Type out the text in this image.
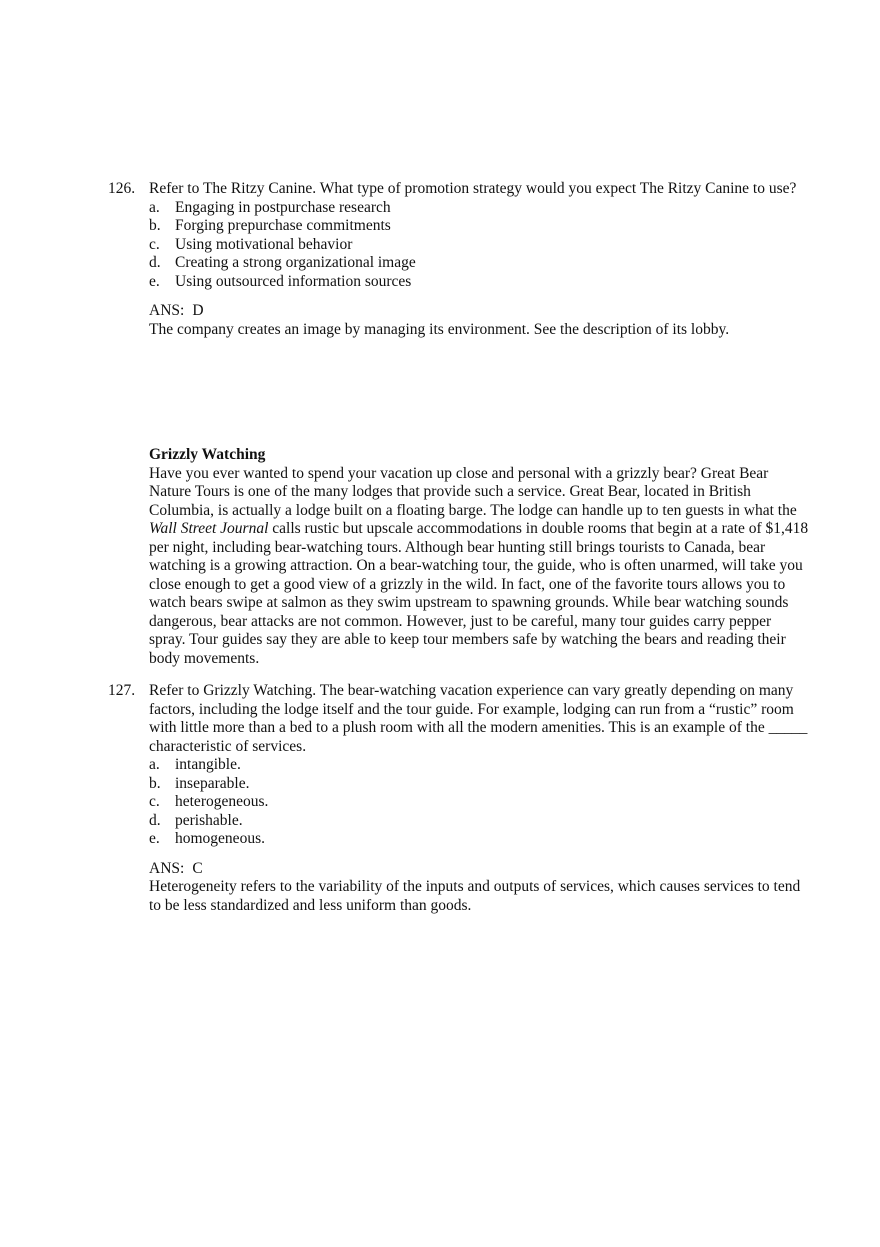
126. Refer to The Ritzy Canine. What type of promotion strategy would you expect The Ritzy Canine to use?

a. Engaging in postpurchase research
b. Forging prepurchase commitments
c. Using motivational behavior
d. Creating a strong organizational image
e. Using outsourced information sources

ANS: D

The company creates an image by managing its environment. See the description of its lobby.

Grizzly Watching

Have you ever wanted to spend your vacation up close and personal with a grizzly bear? Great Bear Nature Tours is one of the many lodges that provide such a service. Great Bear, located in British Columbia, is actually a lodge built on a floating barge. The lodge can handle up to ten guests in what the Wall Street Journal calls rustic but upscale accommodations in double rooms that begin at a rate of $1,418 per night, including bear-watching tours. Although bear hunting still brings tourists to Canada, bear watching is a growing attraction. On a bear-watching tour, the guide, who is often unarmed, will take you close enough to get a good view of a grizzly in the wild. In fact, one of the favorite tours allows you to watch bears swipe at salmon as they swim upstream to spawning grounds. While bear watching sounds dangerous, bear attacks are not common. However, just to be careful, many tour guides carry pepper spray. Tour guides say they are able to keep tour members safe by watching the bears and reading their body movements.

127. Refer to Grizzly Watching. The bear-watching vacation experience can vary greatly depending on many factors, including the lodge itself and the tour guide. For example, lodging can run from a “rustic” room with little more than a bed to a plush room with all the modern amenities. This is an example of the _____ characteristic of services.

a. intangible.
b. inseparable.
c. heterogeneous.
d. perishable.
e. homogeneous.

ANS: C

Heterogeneity refers to the variability of the inputs and outputs of services, which causes services to tend to be less standardized and less uniform than goods.
